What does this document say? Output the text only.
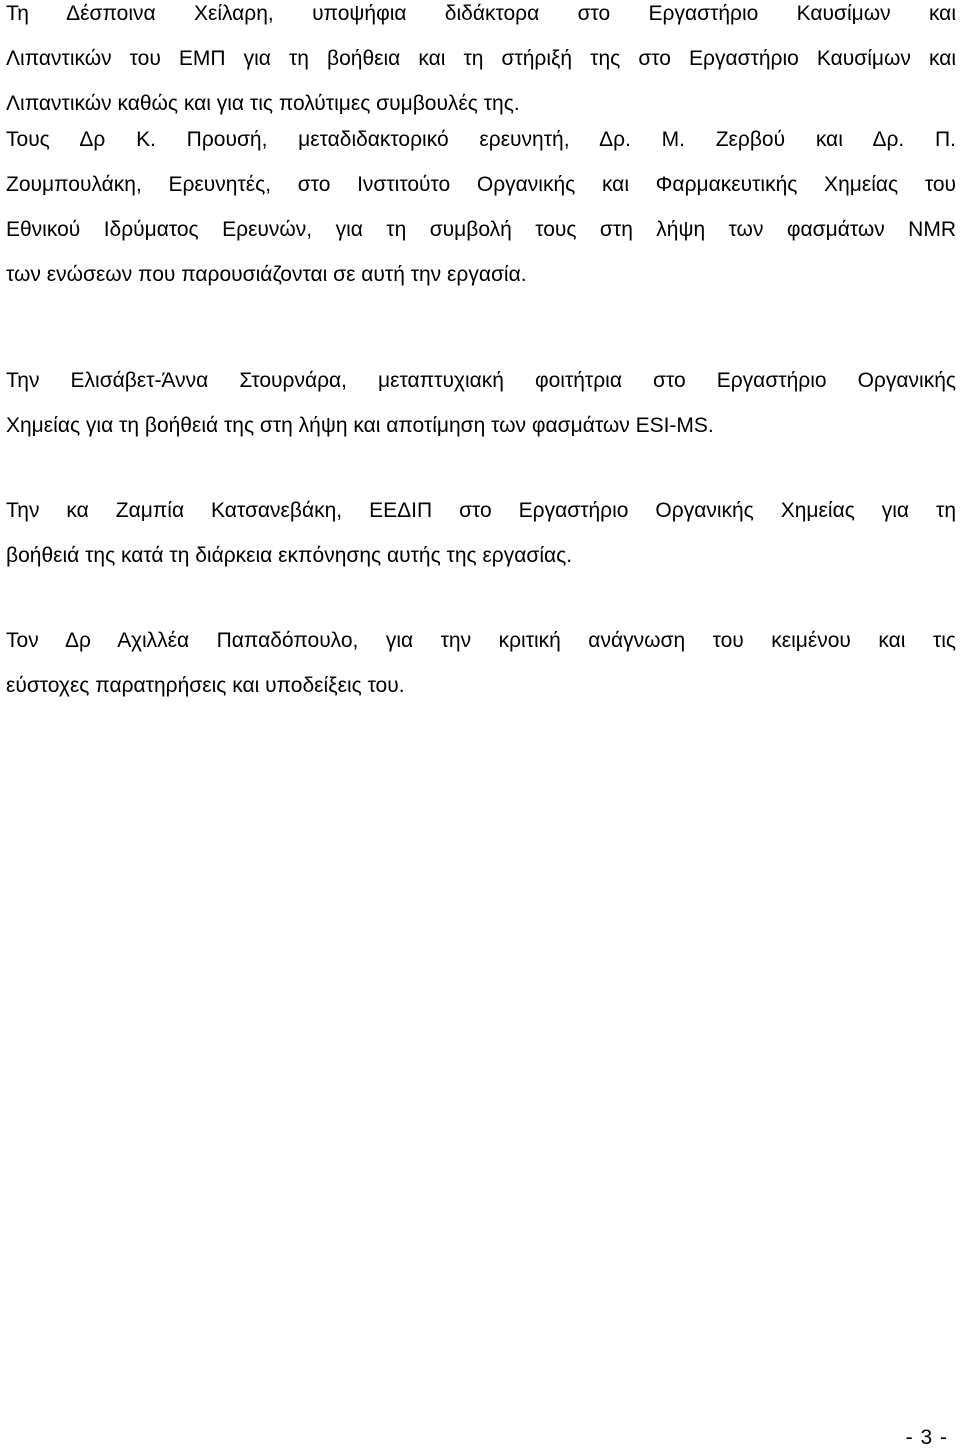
Τη Δέσποινα Χείλαρη, υποψήφια διδάκτορα στο Εργαστήριο Καυσίμων και
Λιπαντικών του ΕΜΠ για τη βοήθεια και τη στήριξή της στο Εργαστήριο Καυσίμων και
Λιπαντικών καθώς και για τις πολύτιμες συμβουλές της.
Τους Δρ Κ. Προυσή, μεταδιδακτορικό ερευνητή, Δρ. Μ. Ζερβού και Δρ. Π.
Ζουμπουλάκη, Ερευνητές, στο Ινστιτούτο Οργανικής και Φαρμακευτικής Χημείας του
Εθνικού Ιδρύματος Ερευνών, για τη συμβολή τους στη λήψη των φασμάτων NMR
των ενώσεων που παρουσιάζονται σε αυτή την εργασία.
Την Ελισάβετ-Άννα Στουρνάρα, μεταπτυχιακή φοιτήτρια στο Εργαστήριο Οργανικής
Χημείας για τη βοήθειά της στη λήψη και αποτίμηση των φασμάτων ESI-MS.
Την κα Ζαμπία Κατσανεβάκη, ΕΕΔΙΠ στο Εργαστήριο Οργανικής Χημείας για τη
βοήθειά της κατά τη διάρκεια εκπόνησης αυτής της εργασίας.
Τον Δρ Αχιλλέα Παπαδόπουλο, για την κριτική ανάγνωση του κειμένου και τις
εύστοχες παρατηρήσεις και υποδείξεις του.
- 3 -
